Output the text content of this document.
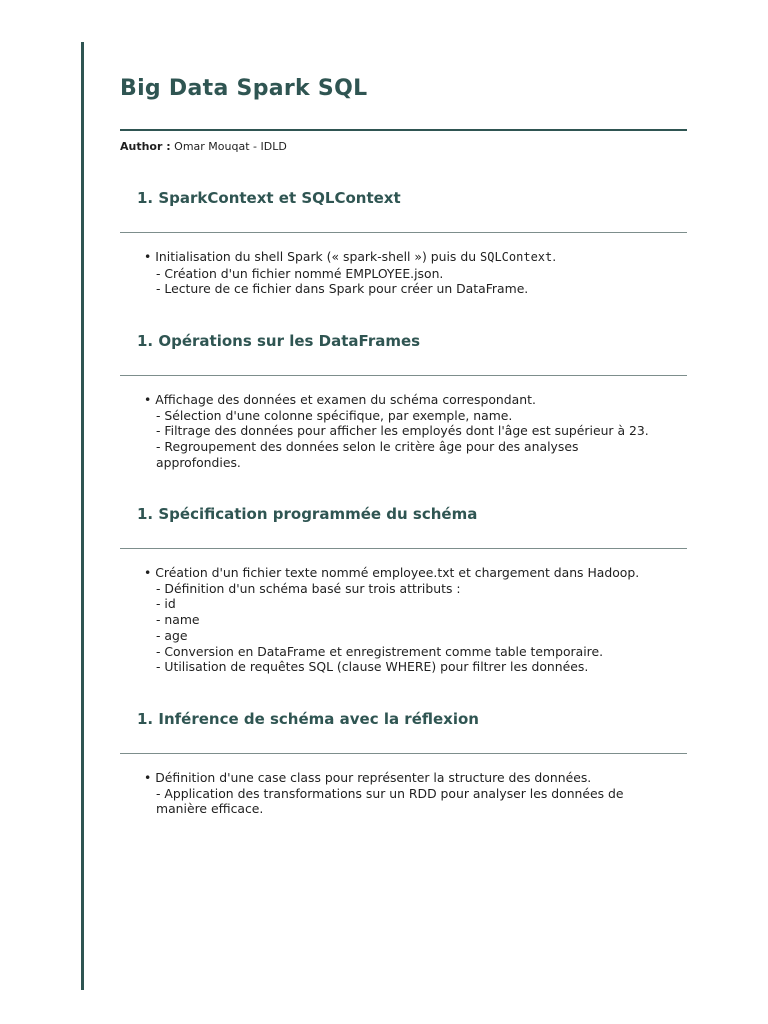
Big Data Spark SQL
Author : Omar Mouqat - IDLD
1. SparkContext et SQLContext
• Initialisation du shell Spark (« spark-shell ») puis du SQLContext.
- Création d'un fichier nommé EMPLOYEE.json.
- Lecture de ce fichier dans Spark pour créer un DataFrame.
1. Opérations sur les DataFrames
• Affichage des données et examen du schéma correspondant.
- Sélection d'une colonne spécifique, par exemple, name.
- Filtrage des données pour afficher les employés dont l'âge est supérieur à 23.
- Regroupement des données selon le critère âge pour des analyses approfondies.
1. Spécification programmée du schéma
• Création d'un fichier texte nommé employee.txt et chargement dans Hadoop.
- Définition d'un schéma basé sur trois attributs :
- id
- name
- age
- Conversion en DataFrame et enregistrement comme table temporaire.
- Utilisation de requêtes SQL (clause WHERE) pour filtrer les données.
1. Inférence de schéma avec la réflexion
• Définition d'une case class pour représenter la structure des données.
- Application des transformations sur un RDD pour analyser les données de manière efficace.
